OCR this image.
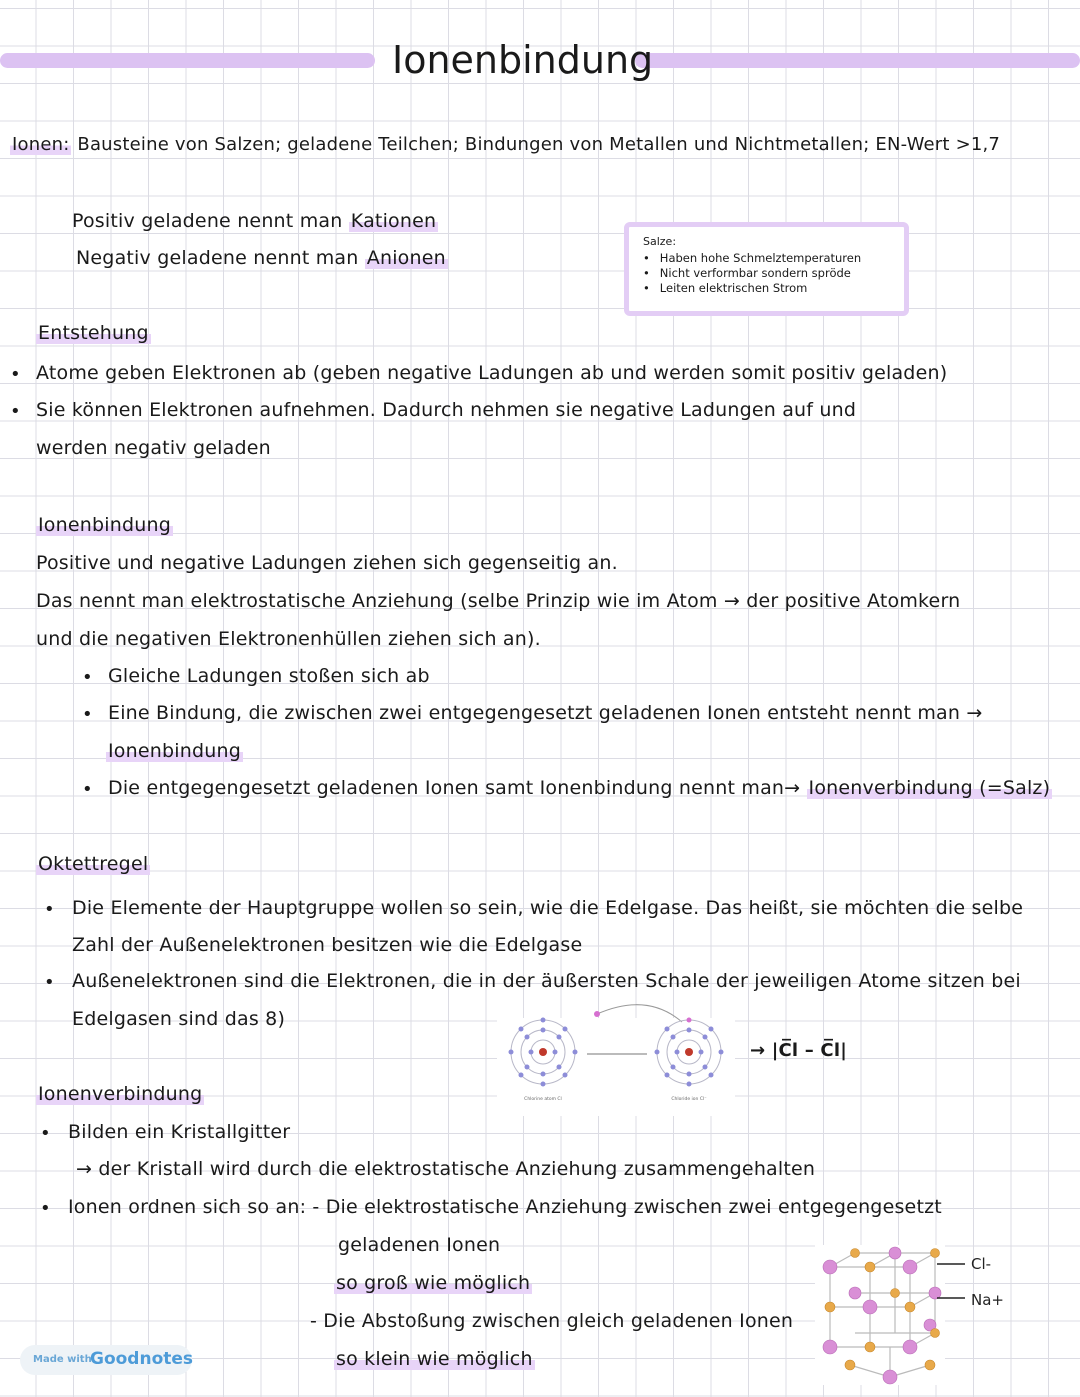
Ionenbindung
Ionen: Bausteine von Salzen; geladene Teilchen; Bindungen von Metallen und Nichtmetallen; EN-Wert >1,7
Positiv geladene nennt man Kationen
Negativ geladene nennt man Anionen
Salze:
• Haben hohe Schmelztemperaturen
• Nicht verformbar sondern spröde
• Leiten elektrischen Strom
Entstehung
• Atome geben Elektronen ab (geben negative Ladungen ab und werden somit positiv geladen)
• Sie können Elektronen aufnehmen. Dadurch nehmen sie negative Ladungen auf und
werden negativ geladen
Ionenbindung
Positive und negative Ladungen ziehen sich gegenseitig an.
Das nennt man elektrostatische Anziehung (selbe Prinzip wie im Atom → der positive Atomkern
und die negativen Elektronenhüllen ziehen sich an).
• Gleiche Ladungen stoßen sich ab
• Eine Bindung, die zwischen zwei entgegengesetzt geladenen Ionen entsteht nennt man →
Ionenbindung
• Die entgegengesetzt geladenen Ionen samt Ionenbindung nennt man→ Ionenverbindung (=Salz)
Oktettregel
• Die Elemente der Hauptgruppe wollen so sein, wie die Edelgase. Das heißt, sie möchten die selbe
Zahl der Außenelektronen besitzen wie die Edelgase
• Außenelektronen sind die Elektronen, die in der äußersten Schale der jeweiligen Atome sitzen bei
Edelgasen sind das 8)
Chlorine atom Cl	Chloride ion Cl⁻
→ |C̅l – C̅l|
Ionenverbindung
• Bilden ein Kristallgitter
→ der Kristall wird durch die elektrostatische Anziehung zusammengehalten
• Ionen ordnen sich so an: - Die elektrostatische Anziehung zwischen zwei entgegengesetzt
geladenen Ionen
so groß wie möglich
- Die Abstoßung zwischen gleich geladenen Ionen
so klein wie möglich
Cl-
Na+
Made with
Goodnotes
